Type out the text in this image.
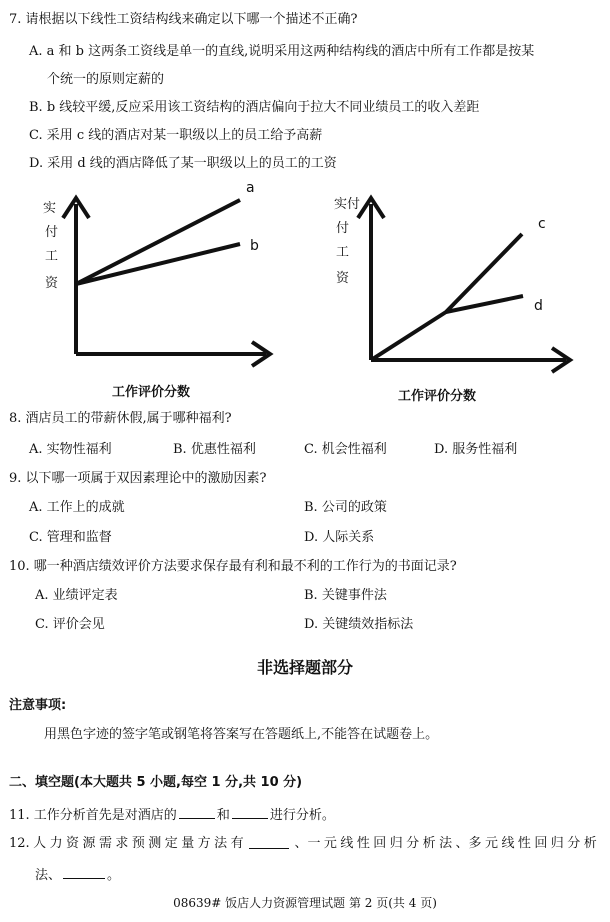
7. 请根据以下线性工资结构线来确定以下哪一个描述不正确?
A. a 和 b 这两条工资线是单一的直线,说明采用这两种结构线的酒店中所有工作都是按某
个统一的原则定薪的
B. b 线较平缓,反应采用该工资结构的酒店偏向于拉大不同业绩员工的收入差距
C. 采用 c 线的酒店对某一职级以上的员工给予高薪
D. 采用 d 线的酒店降低了某一职级以上的员工的工资
a
b
实
付
工
资
工作评价分数
c
d
实付
付
工
资
工作评价分数
8. 酒店员工的带薪休假,属于哪种福利?
A. 实物性福利	B. 优惠性福利	C. 机会性福利	D. 服务性福利
9. 以下哪一项属于双因素理论中的激励因素?
A. 工作上的成就	B. 公司的政策
C. 管理和监督	D. 人际关系
10. 哪一种酒店绩效评价方法要求保存最有利和最不利的工作行为的书面记录?
A. 业绩评定表	B. 关键事件法
C. 评价会见	D. 关键绩效指标法
非选择题部分
注意事项:
用黑色字迹的签字笔或钢笔将答案写在答题纸上,不能答在试题卷上。
二、填空题(本大题共 5 小题,每空 1 分,共 10 分)
11. 工作分析首先是对酒店的	和	进行分析。
12. 人 力 资 源 需 求 预 测 定 量 方 法 有	、一 元 线 性 回 归 分 析 法 、多 元 线 性 回 归 分 析
法、	。
08639# 饭店人力资源管理试题 第 2 页(共 4 页)
